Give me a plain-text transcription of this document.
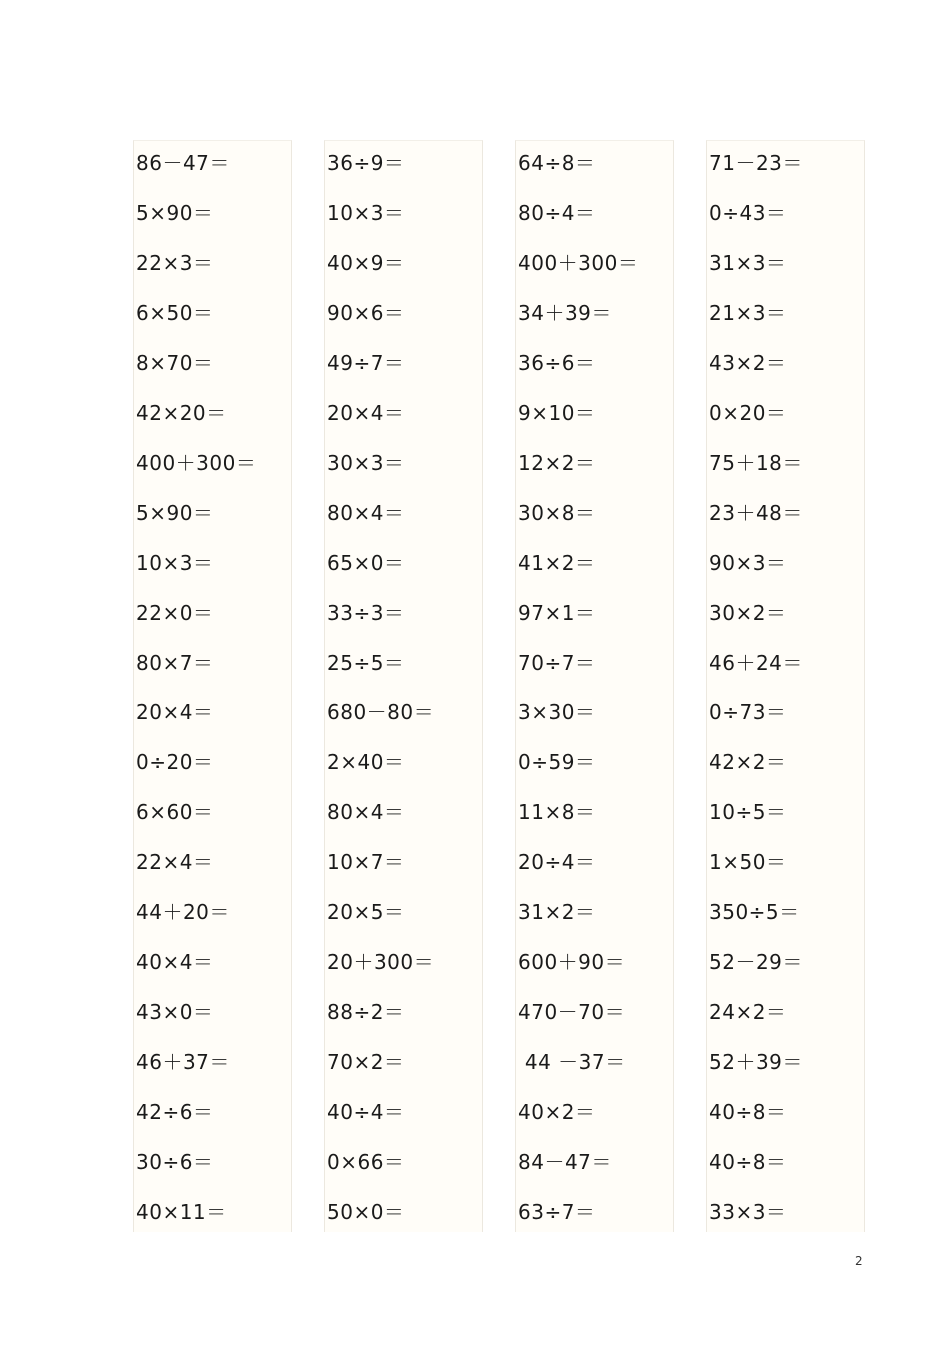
86－47＝
5×90＝
22×3＝
6×50＝
8×70＝
42×20＝
400＋300＝
5×90＝
10×3＝
22×0＝
80×7＝
20×4＝
0÷20＝
6×60＝
22×4＝
44＋20＝
40×4＝
43×0＝
46＋37＝
42÷6＝
30÷6＝
40×11＝
36÷9＝
10×3＝
40×9＝
90×6＝
49÷7＝
20×4＝
30×3＝
80×4＝
65×0＝
33÷3＝
25÷5＝
680－80＝
2×40＝
80×4＝
10×7＝
20×5＝
20＋300＝
88÷2＝
70×2＝
40÷4＝
0×66＝
50×0＝
64÷8＝
80÷4＝
400＋300＝
34＋39＝
36÷6＝
9×10＝
12×2＝
30×8＝
41×2＝
97×1＝
70÷7＝
3×30＝
0÷59＝
11×8＝
20÷4＝
31×2＝
600＋90＝
470－70＝
44 －37＝
40×2＝
84－47＝
63÷7＝
71－23＝
0÷43＝
31×3＝
21×3＝
43×2＝
0×20＝
75＋18＝
23＋48＝
90×3＝
30×2＝
46＋24＝
0÷73＝
42×2＝
10÷5＝
1×50＝
350÷5＝
52－29＝
24×2＝
52＋39＝
40÷8＝
40÷8＝
33×3＝
2
